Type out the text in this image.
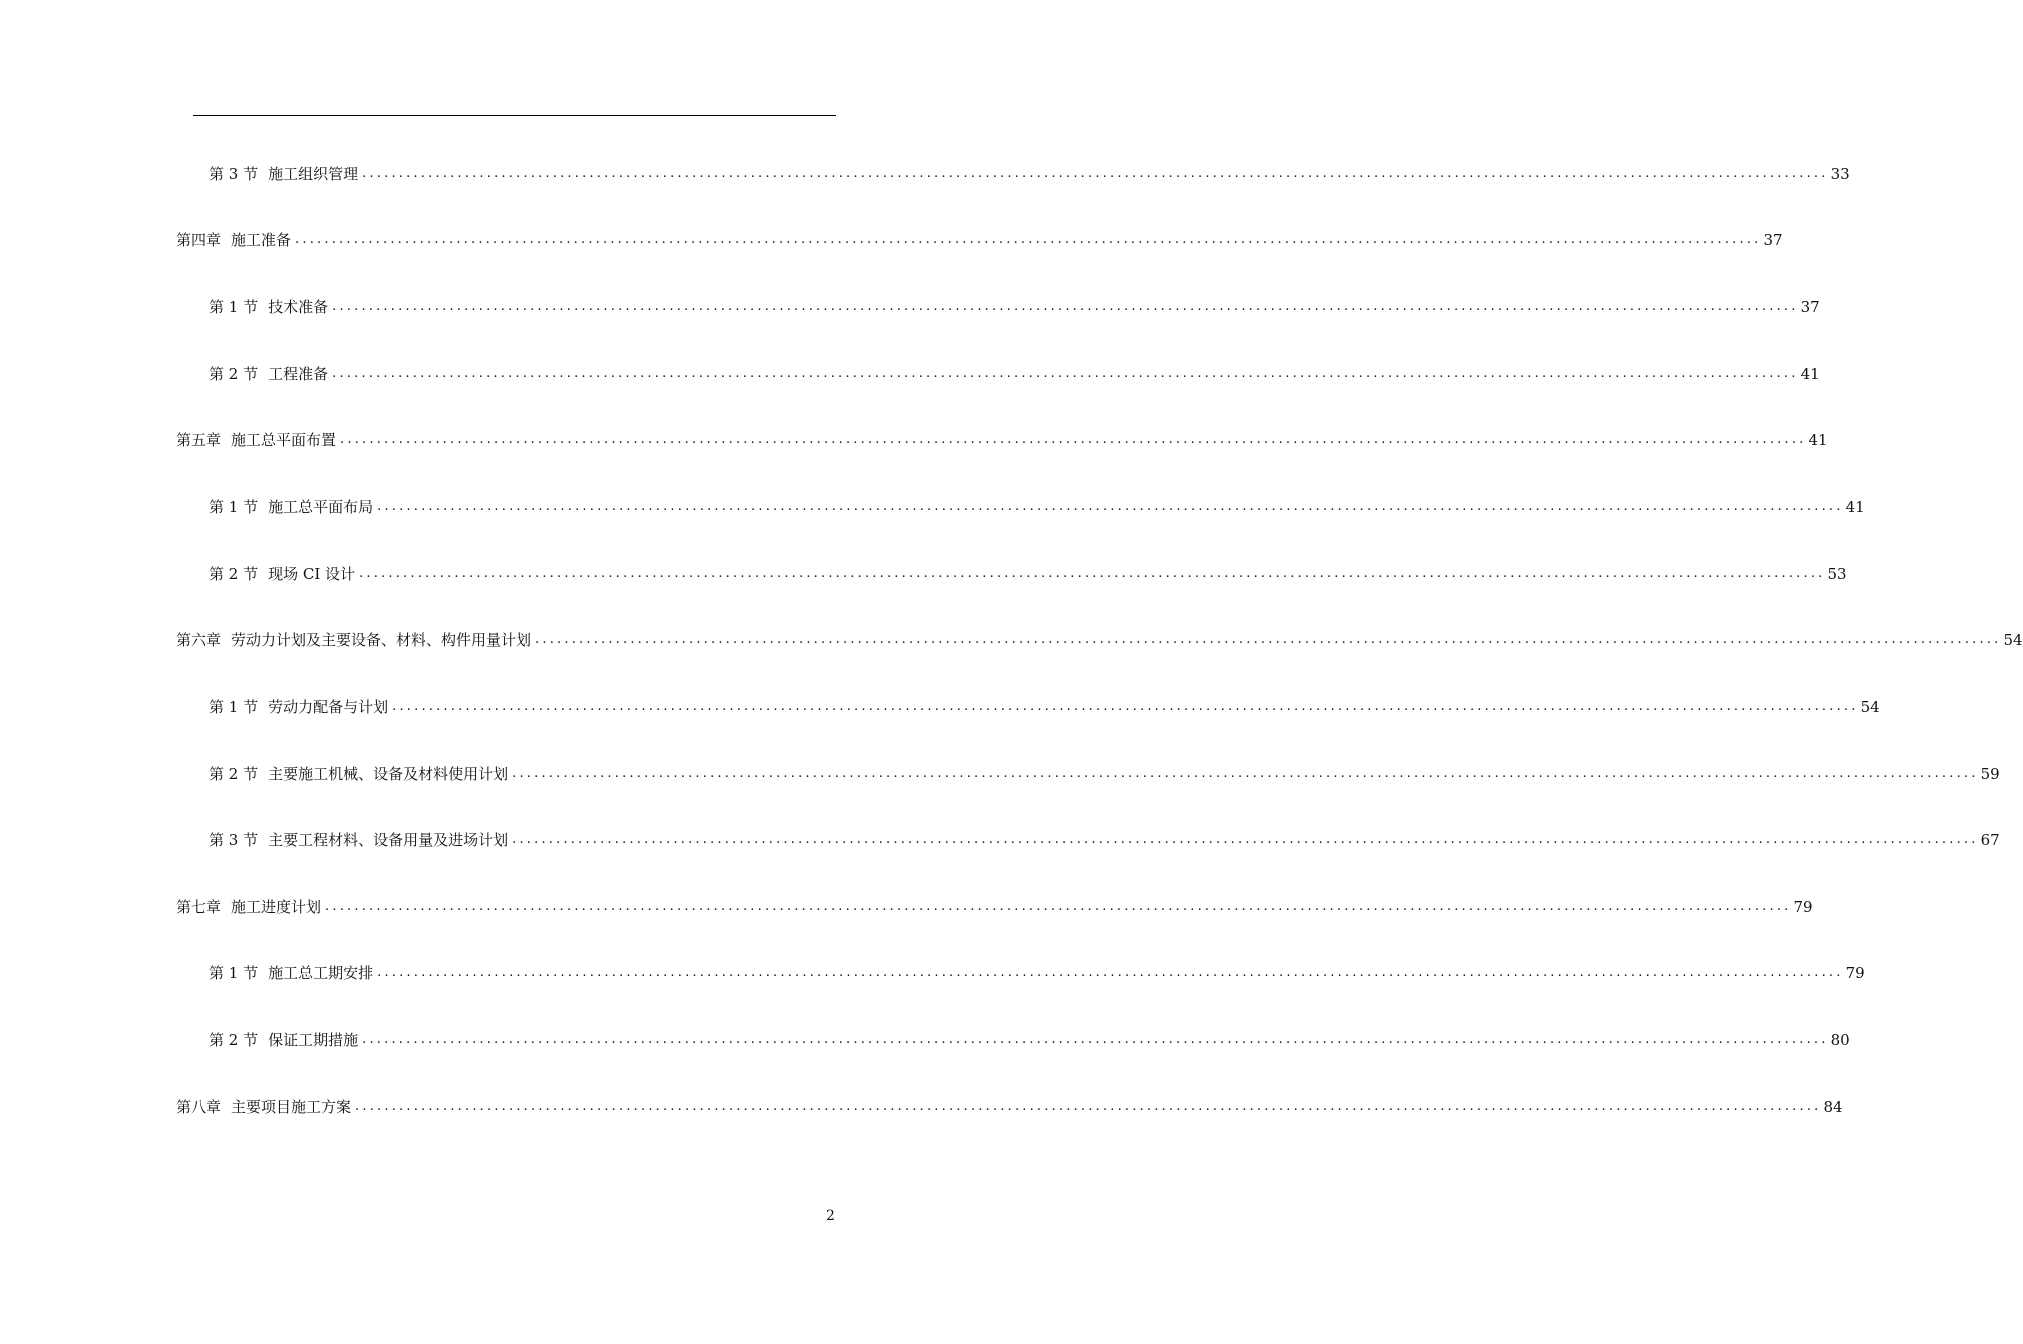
第 3 节 施工组织管理 ........................................................................................................................................................................................................ 33
第四章 施工准备 ........................................................................................................................................................................................................ 37
第 1 节 技术准备 ........................................................................................................................................................................................................ 37
第 2 节 工程准备 ........................................................................................................................................................................................................ 41
第五章 施工总平面布置 ........................................................................................................................................................................................................ 41
第 1 节 施工总平面布局 ........................................................................................................................................................................................................ 41
第 2 节 现场 CI 设计 ........................................................................................................................................................................................................ 53
第六章 劳动力计划及主要设备、材料、构件用量计划 ........................................................................................................................................................................................................ 54
第 1 节 劳动力配备与计划 ........................................................................................................................................................................................................ 54
第 2 节 主要施工机械、设备及材料使用计划 ........................................................................................................................................................................................................ 59
第 3 节 主要工程材料、设备用量及进场计划 ........................................................................................................................................................................................................ 67
第七章 施工进度计划 ........................................................................................................................................................................................................ 79
第 1 节 施工总工期安排 ........................................................................................................................................................................................................ 79
第 2 节 保证工期措施 ........................................................................................................................................................................................................ 80
第八章 主要项目施工方案 ........................................................................................................................................................................................................ 84
2
